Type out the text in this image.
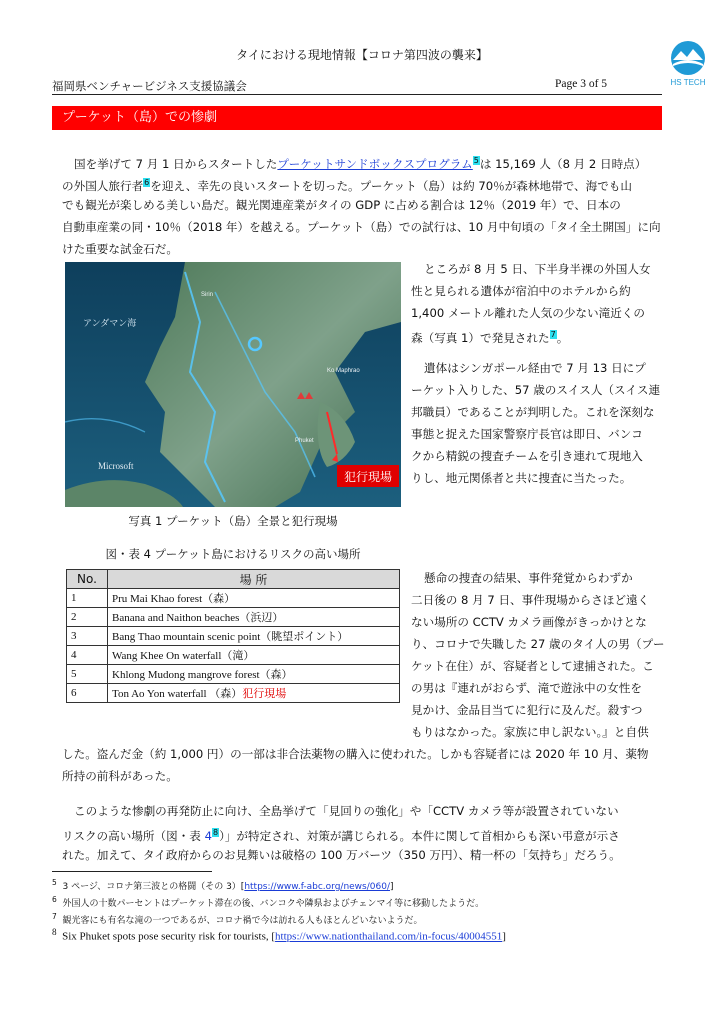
タイにおける現地情報【コロナ第四波の襲来】
福岡県ベンチャービジネス支援協議会	Page 3 of 5	HS TECH
プーケット（島）での惨劇
国を挙げて 7 月 1 日からスタートしたプーケットサンドボックスプログラム$^5$は 15,169 人（8 月 2 日時点）
の外国人旅行者$^6$を迎え、幸先の良いスタートを切った。プーケット（島）は約 70％が森林地帯で、海でも山
でも観光が楽しめる美しい島だ。観光関連産業がタイの GDP に占める割合は 12％（2019 年）で、日本の
自動車産業の同・10％（2018 年）を越える。プーケット（島）での試行は、10 月中旬頃の「タイ全土開国」に向
けた重要な試金石だ。
アンダマン海
Microsoft
Sirin
Ko Maphrao
Phuket
犯行現場
写真 1 プーケット（島）全景と犯行現場
ところが 8 月 5 日、下半身半裸の外国人女
性と見られる遺体が宿泊中のホテルから約
1,400 メートル離れた人気の少ない滝近くの
森（写真 1）で発見された$^7$。
遺体はシンガポール経由で 7 月 13 日にプ
ーケット入りした、57 歳のスイス人（スイス連
邦職員）であることが判明した。これを深刻な
事態と捉えた国家警察庁長官は即日、バンコ
クから精鋭の捜査チームを引き連れて現地入
りし、地元関係者と共に捜査に当たった。
図・表 4 プーケット島におけるリスクの高い場所
No.	場 所
1	Pru Mai Khao forest（森）
2	Banana and Naithon beaches（浜辺）
3	Bang Thao mountain scenic point（眺望ポイント）
4	Wang Khee On waterfall（滝）
5	Khlong Mudong mangrove forest（森）
6	Ton Ao Yon waterfall （森）犯行現場
懸命の捜査の結果、事件発覚からわずか
二日後の 8 月 7 日、事件現場からさほど遠く
ない場所の CCTV カメラ画像がきっかけとな
り、コロナで失職した 27 歳のタイ人の男（プー
ケット在住）が、容疑者として逮捕された。こ
の男は『連れがおらず、滝で遊泳中の女性を
見かけ、金品目当てに犯行に及んだ。殺すつ
もりはなかった。家族に申し訳ない。』と自供
した。盗んだ金（約 1,000 円）の一部は非合法薬物の購入に使われた。しかも容疑者には 2020 年 10 月、薬物
所持の前科があった。
このような惨劇の再発防止に向け、全島挙げて「見回りの強化」や「CCTV カメラ等が設置されていない
リスクの高い場所（図・表 $4^8$）」が特定され、対策が講じられる。本件に関して首相からも深い弔意が示さ
れた。加えて、タイ政府からのお見舞いは破格の 100 万バーツ（350 万円）、精一杯の「気持ち」だろう。
$^5$ 3 ページ、コロナ第三波との格闘（その 3）[https://www.f-abc.org/news/060/]
$^6$ 外国人の十数パーセントはプーケット滞在の後、バンコクや隣県およびチェンマイ等に移動したようだ。
$^7$ 観光客にも有名な滝の一つであるが、コロナ禍で今は訪れる人もほとんどいないようだ。
$^8$ Six Phuket spots pose security risk for tourists, [https://www.nationthailand.com/in-focus/40004551]
